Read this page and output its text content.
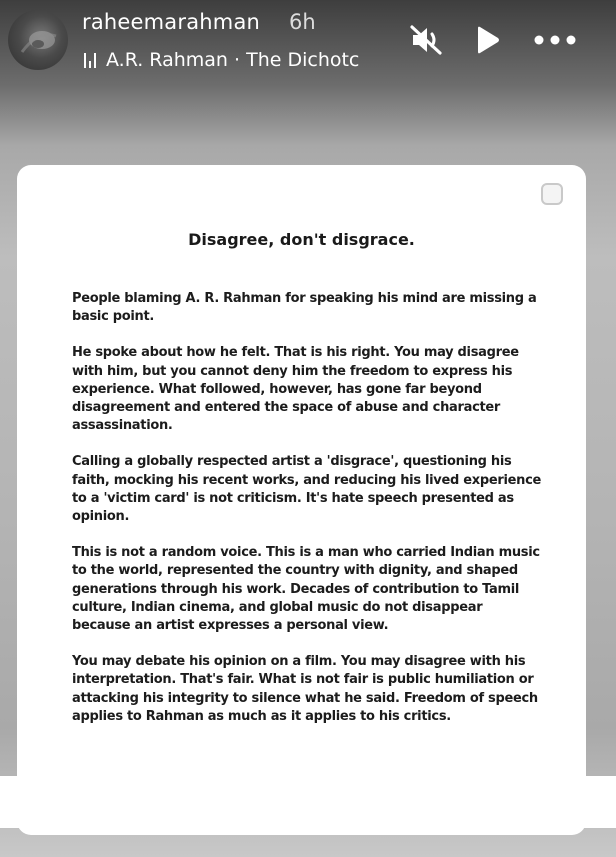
raheemarahman 6h
A.R. Rahman · The Dichotc
Disagree, don't disgrace.

People blaming A. R. Rahman for speaking his mind are missing a basic point.

He spoke about how he felt. That is his right. You may disagree with him, but you cannot deny him the freedom to express his experience. What followed, however, has gone far beyond disagreement and entered the space of abuse and character assassination.

Calling a globally respected artist a 'disgrace', questioning his faith, mocking his recent works, and reducing his lived experience to a 'victim card' is not criticism. It's hate speech presented as opinion.

This is not a random voice. This is a man who carried Indian music to the world, represented the country with dignity, and shaped generations through his work. Decades of contribution to Tamil culture, Indian cinema, and global music do not disappear because an artist expresses a personal view.

You may debate his opinion on a film. You may disagree with his interpretation. That's fair. What is not fair is public humiliation or attacking his integrity to silence what he said. Freedom of speech applies to Rahman as much as it applies to his critics.
